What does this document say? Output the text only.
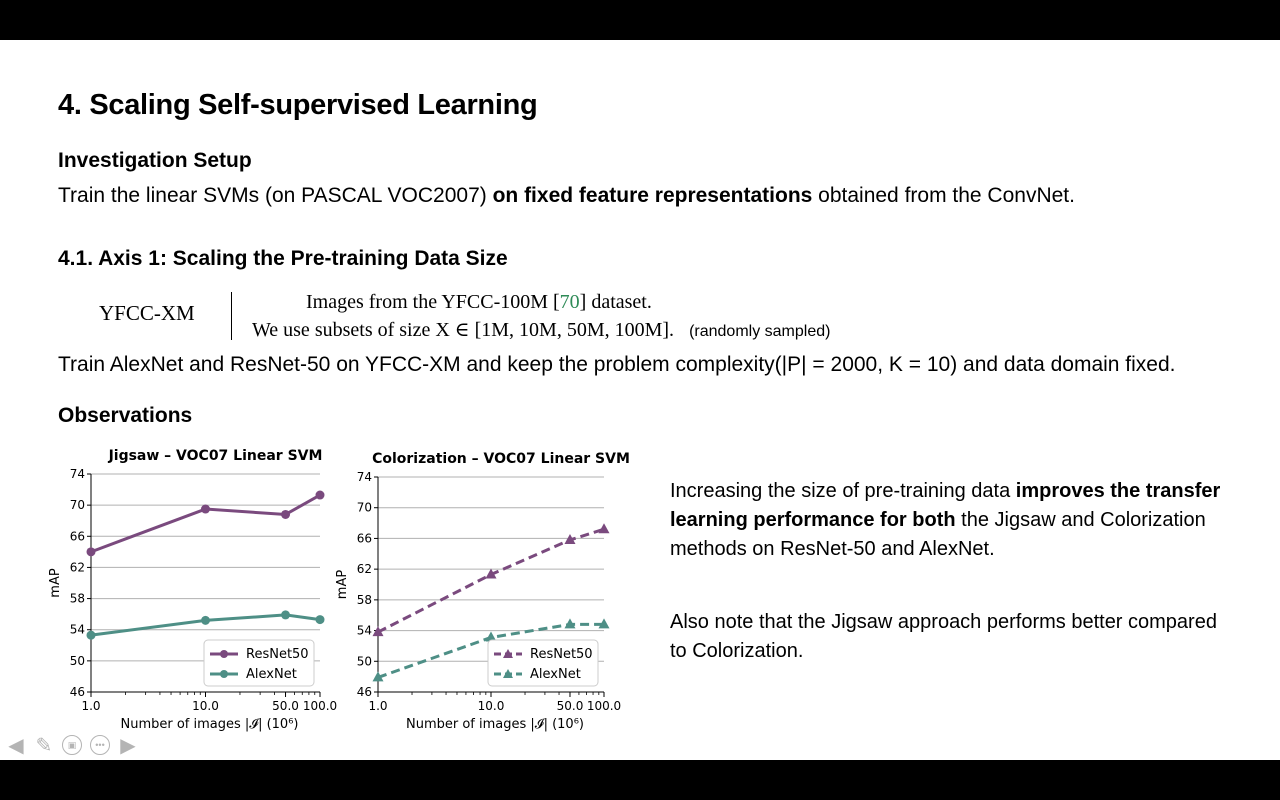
4. Scaling Self-supervised Learning
Investigation Setup
Train the linear SVMs (on PASCAL VOC2007) on fixed feature representations obtained from the ConvNet.
4.1. Axis 1: Scaling the Pre-training Data Size
YFCC-XM	Images from the YFCC-100M [70] dataset.
We use subsets of size X ∈ [1M, 10M, 50M, 100M]. (randomly sampled)
Train AlexNet and ResNet-50 on YFCC-XM and keep the problem complexity(|P| = 2000, K = 10) and data domain fixed.
Observations
Jigsaw – VOC07 Linear SVM
46
50
54
58
62
66
70
74
1.0	10.0	50.0 100.0
Number of images |𝓘| (10⁶)
mAP
ResNet50
AlexNet
Colorization – VOC07 Linear SVM
46
50
54
58
62
66
70
74
1.0	10.0	50.0 100.0
Number of images |𝓘| (10⁶)
mAP
ResNet50
AlexNet
Increasing the size of pre-training data improves the transfer learning performance for both the Jigsaw and Colorization methods on ResNet-50 and AlexNet.
Also note that the Jigsaw approach performs better compared to Colorization.
◀ ✎	▣	••• ▶
